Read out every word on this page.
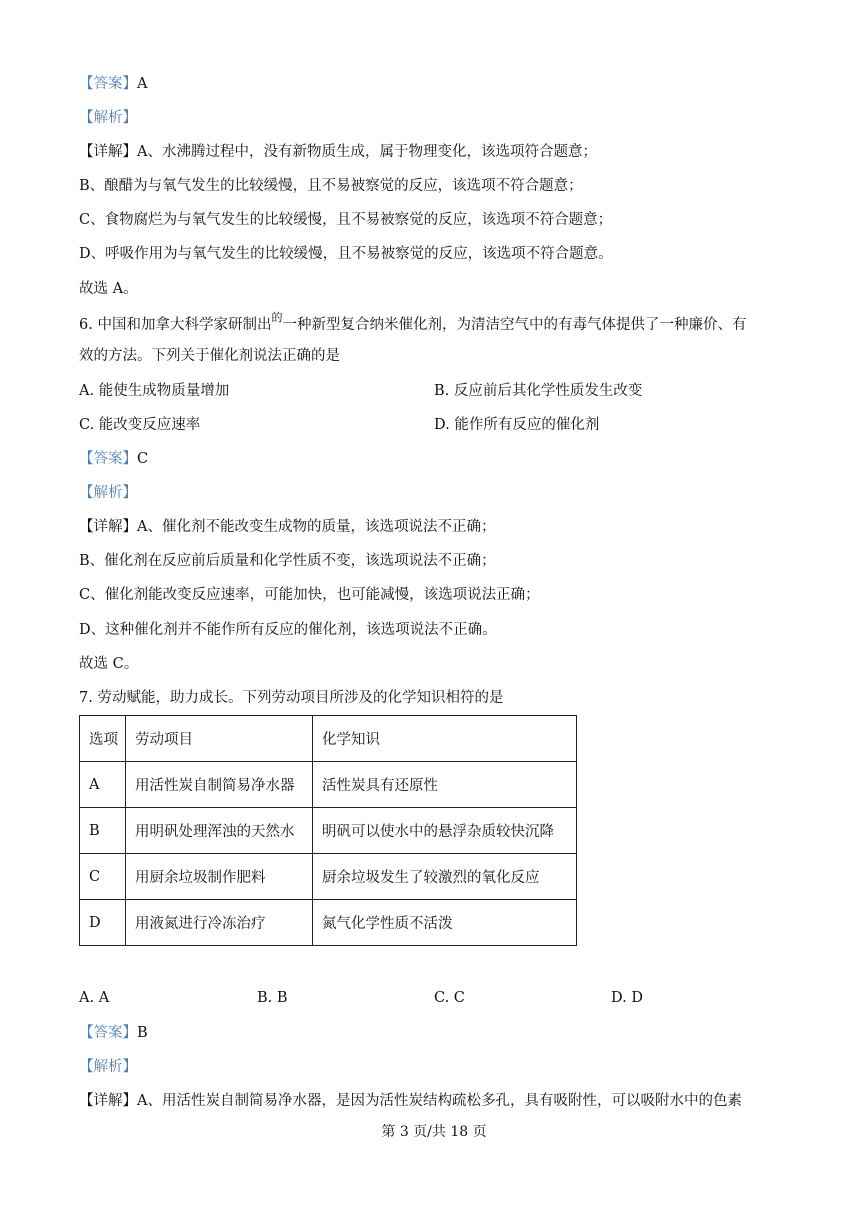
【答案】A
【解析】
【详解】A、水沸腾过程中，没有新物质生成，属于物理变化，该选项符合题意；
B、酿醋为与氧气发生的比较缓慢，且不易被察觉的反应，该选项不符合题意；
C、食物腐烂为与氧气发生的比较缓慢，且不易被察觉的反应，该选项不符合题意；
D、呼吸作用为与氧气发生的比较缓慢，且不易被察觉的反应，该选项不符合题意。
故选 A。
6. 中国和加拿大科学家研制出$^的$一种新型复合纳米催化剂，为清洁空气中的有毒气体提供了一种廉价、有
效的方法。下列关于催化剂说法正确的是
A. 能使生成物质量增加	B. 反应前后其化学性质发生改变
C. 能改变反应速率	D. 能作所有反应的催化剂
【答案】C
【解析】
【详解】A、催化剂不能改变生成物的质量，该选项说法不正确；
B、催化剂在反应前后质量和化学性质不变，该选项说法不正确；
C、催化剂能改变反应速率，可能加快，也可能减慢，该选项说法正确；
D、这种催化剂并不能作所有反应的催化剂，该选项说法不正确。
故选 C。
7. 劳动赋能，助力成长。下列劳动项目所涉及的化学知识相符的是
选项	劳动项目	化学知识
A	用活性炭自制简易净水器	活性炭具有还原性
B	用明矾处理浑浊的天然水	明矾可以使水中的悬浮杂质较快沉降
C	用厨余垃圾制作肥料	厨余垃圾发生了较激烈的氧化反应
D	用液氮进行冷冻治疗	氮气化学性质不活泼
A. A	B. B	C. C	D. D
【答案】B
【解析】
【详解】A、用活性炭自制简易净水器，是因为活性炭结构疏松多孔，具有吸附性，可以吸附水中的色素
第 3 页/共 18 页
